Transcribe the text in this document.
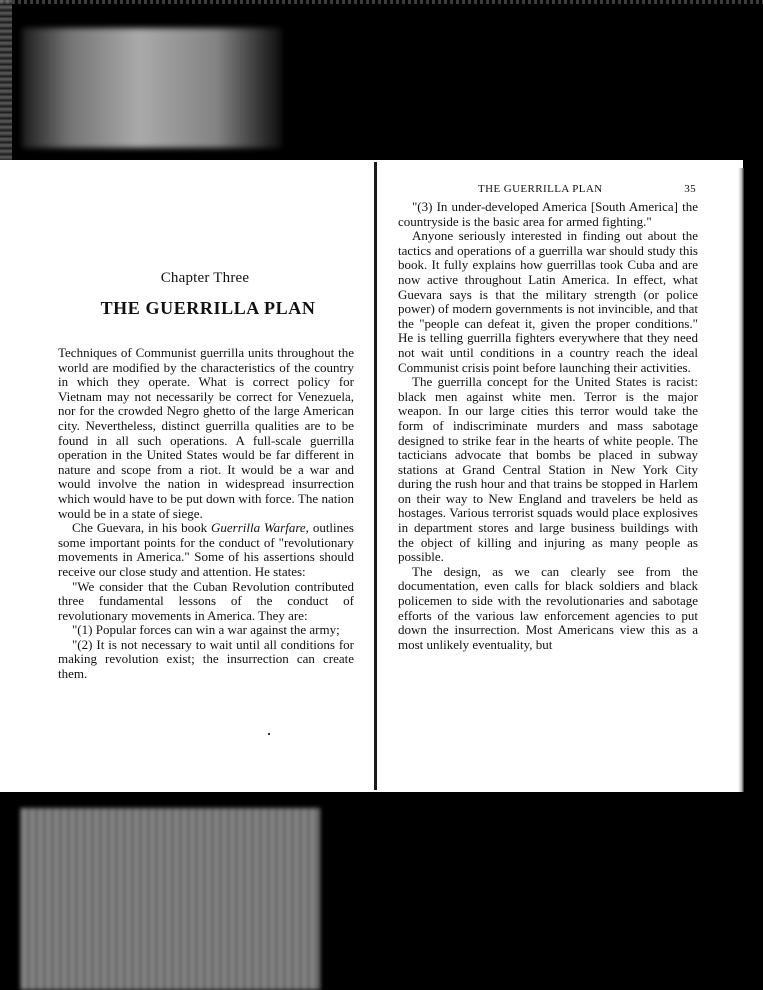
Chapter Three
THE GUERRILLA PLAN

Techniques of Communist guerrilla units throughout the world are modified by the characteristics of the country in which they operate. What is correct policy for Vietnam may not necessarily be correct for Venezuela, nor for the crowded Negro ghetto of the large American city. Nevertheless, distinct guerrilla qualities are to be found in all such operations. A full-scale guerrilla operation in the United States would be far different in nature and scope from a riot. It would be a war and would involve the nation in widespread insurrection which would have to be put down with force. The nation would be in a state of siege.

Che Guevara, in his book Guerrilla Warfare, outlines some important points for the conduct of "revolutionary movements in America." Some of his assertions should receive our close study and attention. He states:

"We consider that the Cuban Revolution contributed three fundamental lessons of the conduct of revolutionary movements in America. They are:

"(1) Popular forces can win a war against the army;

"(2) It is not necessary to wait until all conditions for making revolution exist; the insurrection can create them.

THE GUERRILLA PLAN	35

"(3) In under-developed America [South America] the countryside is the basic area for armed fighting."

Anyone seriously interested in finding out about the tactics and operations of a guerrilla war should study this book. It fully explains how guerrillas took Cuba and are now active throughout Latin America. In effect, what Guevara says is that the military strength (or police power) of modern governments is not invincible, and that the "people can defeat it, given the proper conditions." He is telling guerrilla fighters everywhere that they need not wait until conditions in a country reach the ideal Communist crisis point before launching their activities.

The guerrilla concept for the United States is racist: black men against white men. Terror is the major weapon. In our large cities this terror would take the form of indiscriminate murders and mass sabotage designed to strike fear in the hearts of white people. The tacticians advocate that bombs be placed in subway stations at Grand Central Station in New York City during the rush hour and that trains be stopped in Harlem on their way to New England and travelers be held as hostages. Various terrorist squads would place explosives in department stores and large business buildings with the object of killing and injuring as many people as possible.

The design, as we can clearly see from the documentation, even calls for black soldiers and black policemen to side with the revolutionaries and sabotage efforts of the various law enforcement agencies to put down the insurrection. Most Americans view this as a most unlikely eventuality, but
